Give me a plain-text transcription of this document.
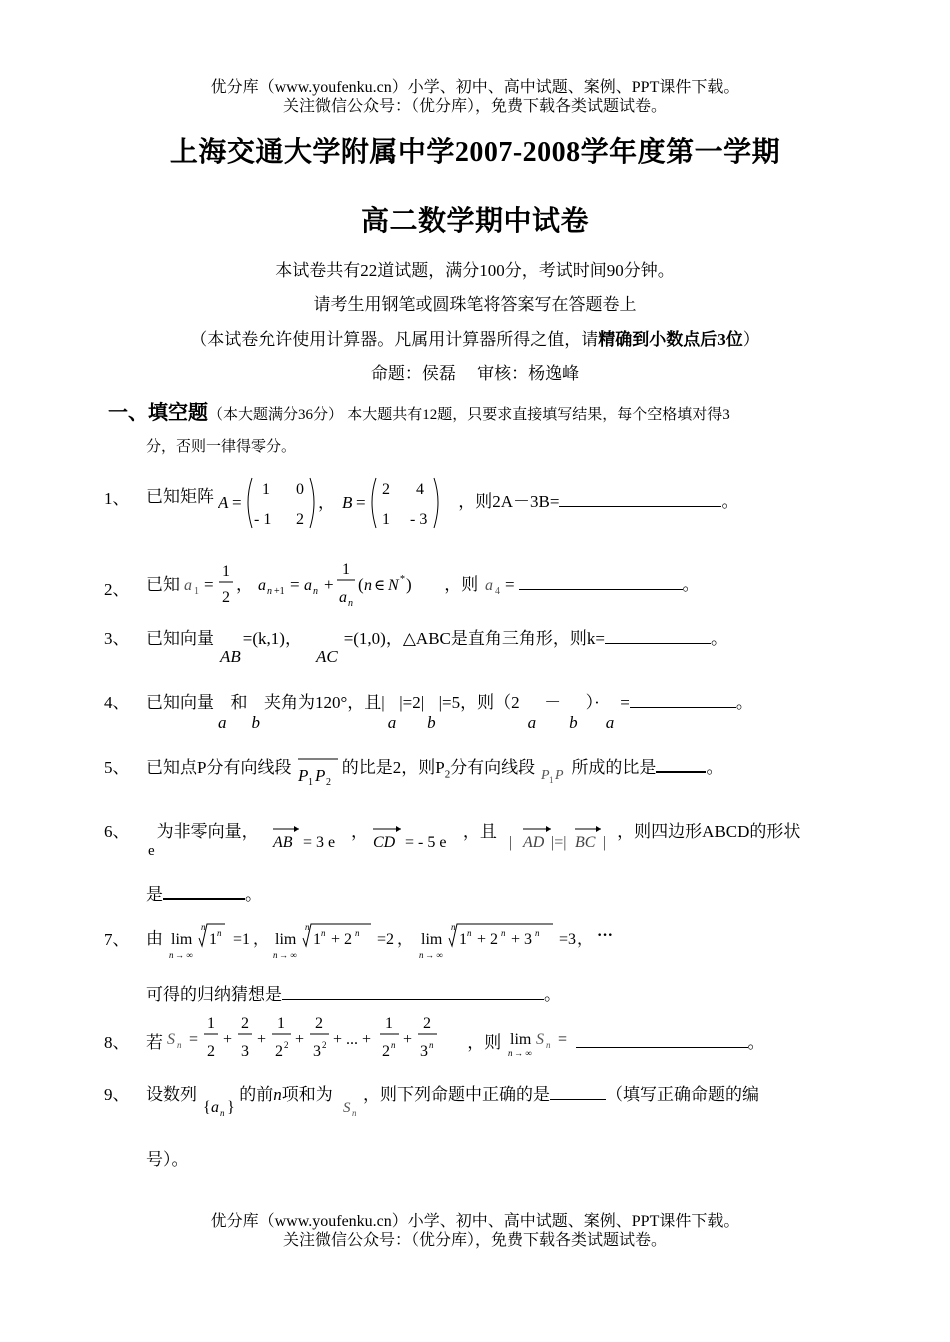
优分库（www.youfenku.cn）小学、初中、高中试题、案例、PPT课件下载。
关注微信公众号：（优分库），免费下载各类试题试卷。
上海交通大学附属中学2007-2008学年度第一学期
高二数学期中试卷
本试卷共有22道试题，满分100分，考试时间90分钟。
请考生用钢笔或圆珠笔将答案写在答题卷上
（本试卷允许使用计算器。凡属用计算器所得之值，请精确到小数点后3位）
命题：侯磊　 审核：杨逸峰
一、填空题（本大题满分36分） 本大题共有12题，只要求直接填写结果，每个空格填对得3
分，否则一律得零分。
1、 已知矩阵 A =
1 0
- 1 2
， B =
2 4
1 - 3
，则2A－3B=	。
2、 已知 a 1 =
1
2
， a n +1 = a n +
1
a n
( n ∈ N * ) ，则 a 4 =	。
3、 已知向量AB=(k,1)，AC=(1,0)，△ABC是直角三角形，则k=	。
4、 已知向量a和b夹角为120°，且|a|=2|b|=5，则（2a－b）·a=	。
5、 已知点P分有向线段 P 1 P 2
的比是2，则$P_2$分有向线段 P 1 P 所成的比是	。
6、
e为非零向量，
AB = 3 e
，
CD = - 5 e
，且
| AD |=| BC |
，则四边形ABCD的形状
是	。
7、 由 lim
n → ∞
n
1 n =1 ， lim
n → ∞
n
1 n + 2 n =2 ， lim
n → ∞
n
1 n + 2 n + 3 n =3 ， ···
可得的归纳猜想是	。
8、 若 S n =
1
2
+
2
3
+
1
2 2 +
2
3 2 + ... +
1
2 n +
2
3 n ，则 lim
n → ∞
S n =	。
9、 设数列
{ a n }
的前n项和为
S n
，则下列命题中正确的是	（填写正确命题的编
号）。
优分库（www.youfenku.cn）小学、初中、高中试题、案例、PPT课件下载。
关注微信公众号：（优分库），免费下载各类试题试卷。
